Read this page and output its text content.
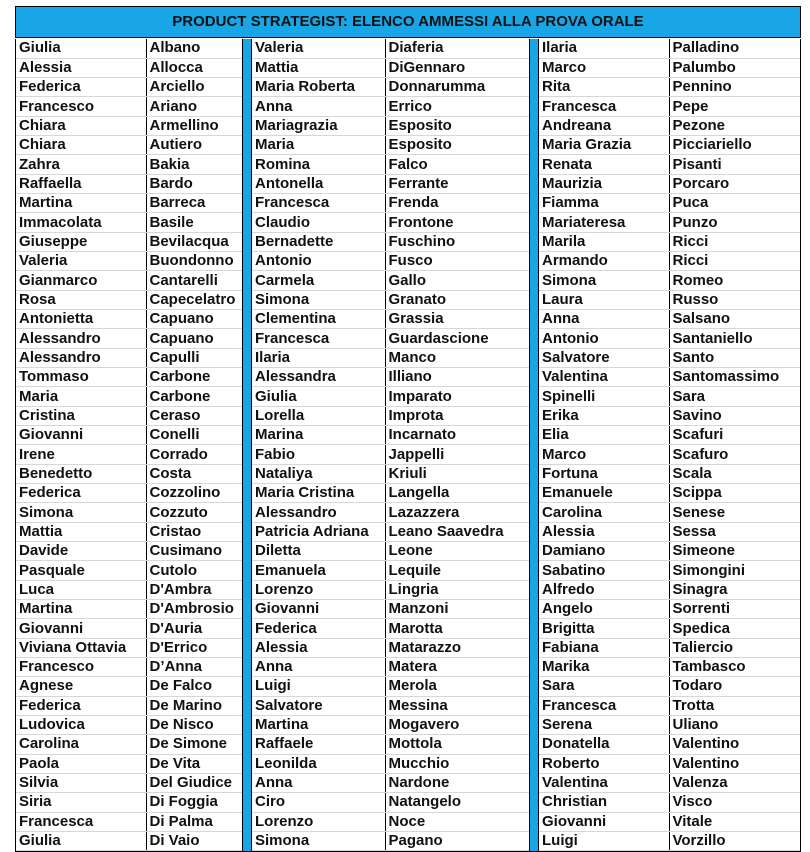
PRODUCT STRATEGIST: ELENCO AMMESSI ALLA PROVA ORALE
Giulia	Albano
Alessia	Allocca
Federica	Arciello
Francesco	Ariano
Chiara	Armellino
Chiara	Autiero
Zahra	Bakia
Raffaella	Bardo
Martina	Barreca
Immacolata	Basile
Giuseppe	Bevilacqua
Valeria	Buondonno
Gianmarco	Cantarelli
Rosa	Capecelatro
Antonietta	Capuano
Alessandro	Capuano
Alessandro	Capulli
Tommaso	Carbone
Maria	Carbone
Cristina	Ceraso
Giovanni	Conelli
Irene	Corrado
Benedetto	Costa
Federica	Cozzolino
Simona	Cozzuto
Mattia	Cristao
Davide	Cusimano
Pasquale	Cutolo
Luca	D'Ambra
Martina	D'Ambrosio
Giovanni	D'Auria
Viviana Ottavia	D'Errico
Francesco	D’Anna
Agnese	De Falco
Federica	De Marino
Ludovica	De Nisco
Carolina	De Simone
Paola	De Vita
Silvia	Del Giudice
Siria	Di Foggia
Francesca	Di Palma
Giulia	Di Vaio
Valeria	Diaferia
Mattia	DiGennaro
Maria Roberta	Donnarumma
Anna	Errico
Mariagrazia	Esposito
Maria	Esposito
Romina	Falco
Antonella	Ferrante
Francesca	Frenda
Claudio	Frontone
Bernadette	Fuschino
Antonio	Fusco
Carmela	Gallo
Simona	Granato
Clementina	Grassia
Francesca	Guardascione
Ilaria	Manco
Alessandra	Illiano
Giulia	Imparato
Lorella	Improta
Marina	Incarnato
Fabio	Jappelli
Nataliya	Kriuli
Maria Cristina	Langella
Alessandro	Lazazzera
Patricia Adriana	Leano Saavedra
Diletta	Leone
Emanuela	Lequile
Lorenzo	Lingria
Giovanni	Manzoni
Federica	Marotta
Alessia	Matarazzo
Anna	Matera
Luigi	Merola
Salvatore	Messina
Martina	Mogavero
Raffaele	Mottola
Leonilda	Mucchio
Anna	Nardone
Ciro	Natangelo
Lorenzo	Noce
Simona	Pagano
Ilaria	Palladino
Marco	Palumbo
Rita	Pennino
Francesca	Pepe
Andreana	Pezone
Maria Grazia	Picciariello
Renata	Pisanti
Maurizia	Porcaro
Fiamma	Puca
Mariateresa	Punzo
Marila	Ricci
Armando	Ricci
Simona	Romeo
Laura	Russo
Anna	Salsano
Antonio	Santaniello
Salvatore	Santo
Valentina	Santomassimo
Spinelli	Sara
Erika	Savino
Elia	Scafuri
Marco	Scafuro
Fortuna	Scala
Emanuele	Scippa
Carolina	Senese
Alessia	Sessa
Damiano	Simeone
Sabatino	Simongini
Alfredo	Sinagra
Angelo	Sorrenti
Brigitta	Spedica
Fabiana	Taliercio
Marika	Tambasco
Sara	Todaro
Francesca	Trotta
Serena	Uliano
Donatella	Valentino
Roberto	Valentino
Valentina	Valenza
Christian	Visco
Giovanni	Vitale
Luigi	Vorzillo
